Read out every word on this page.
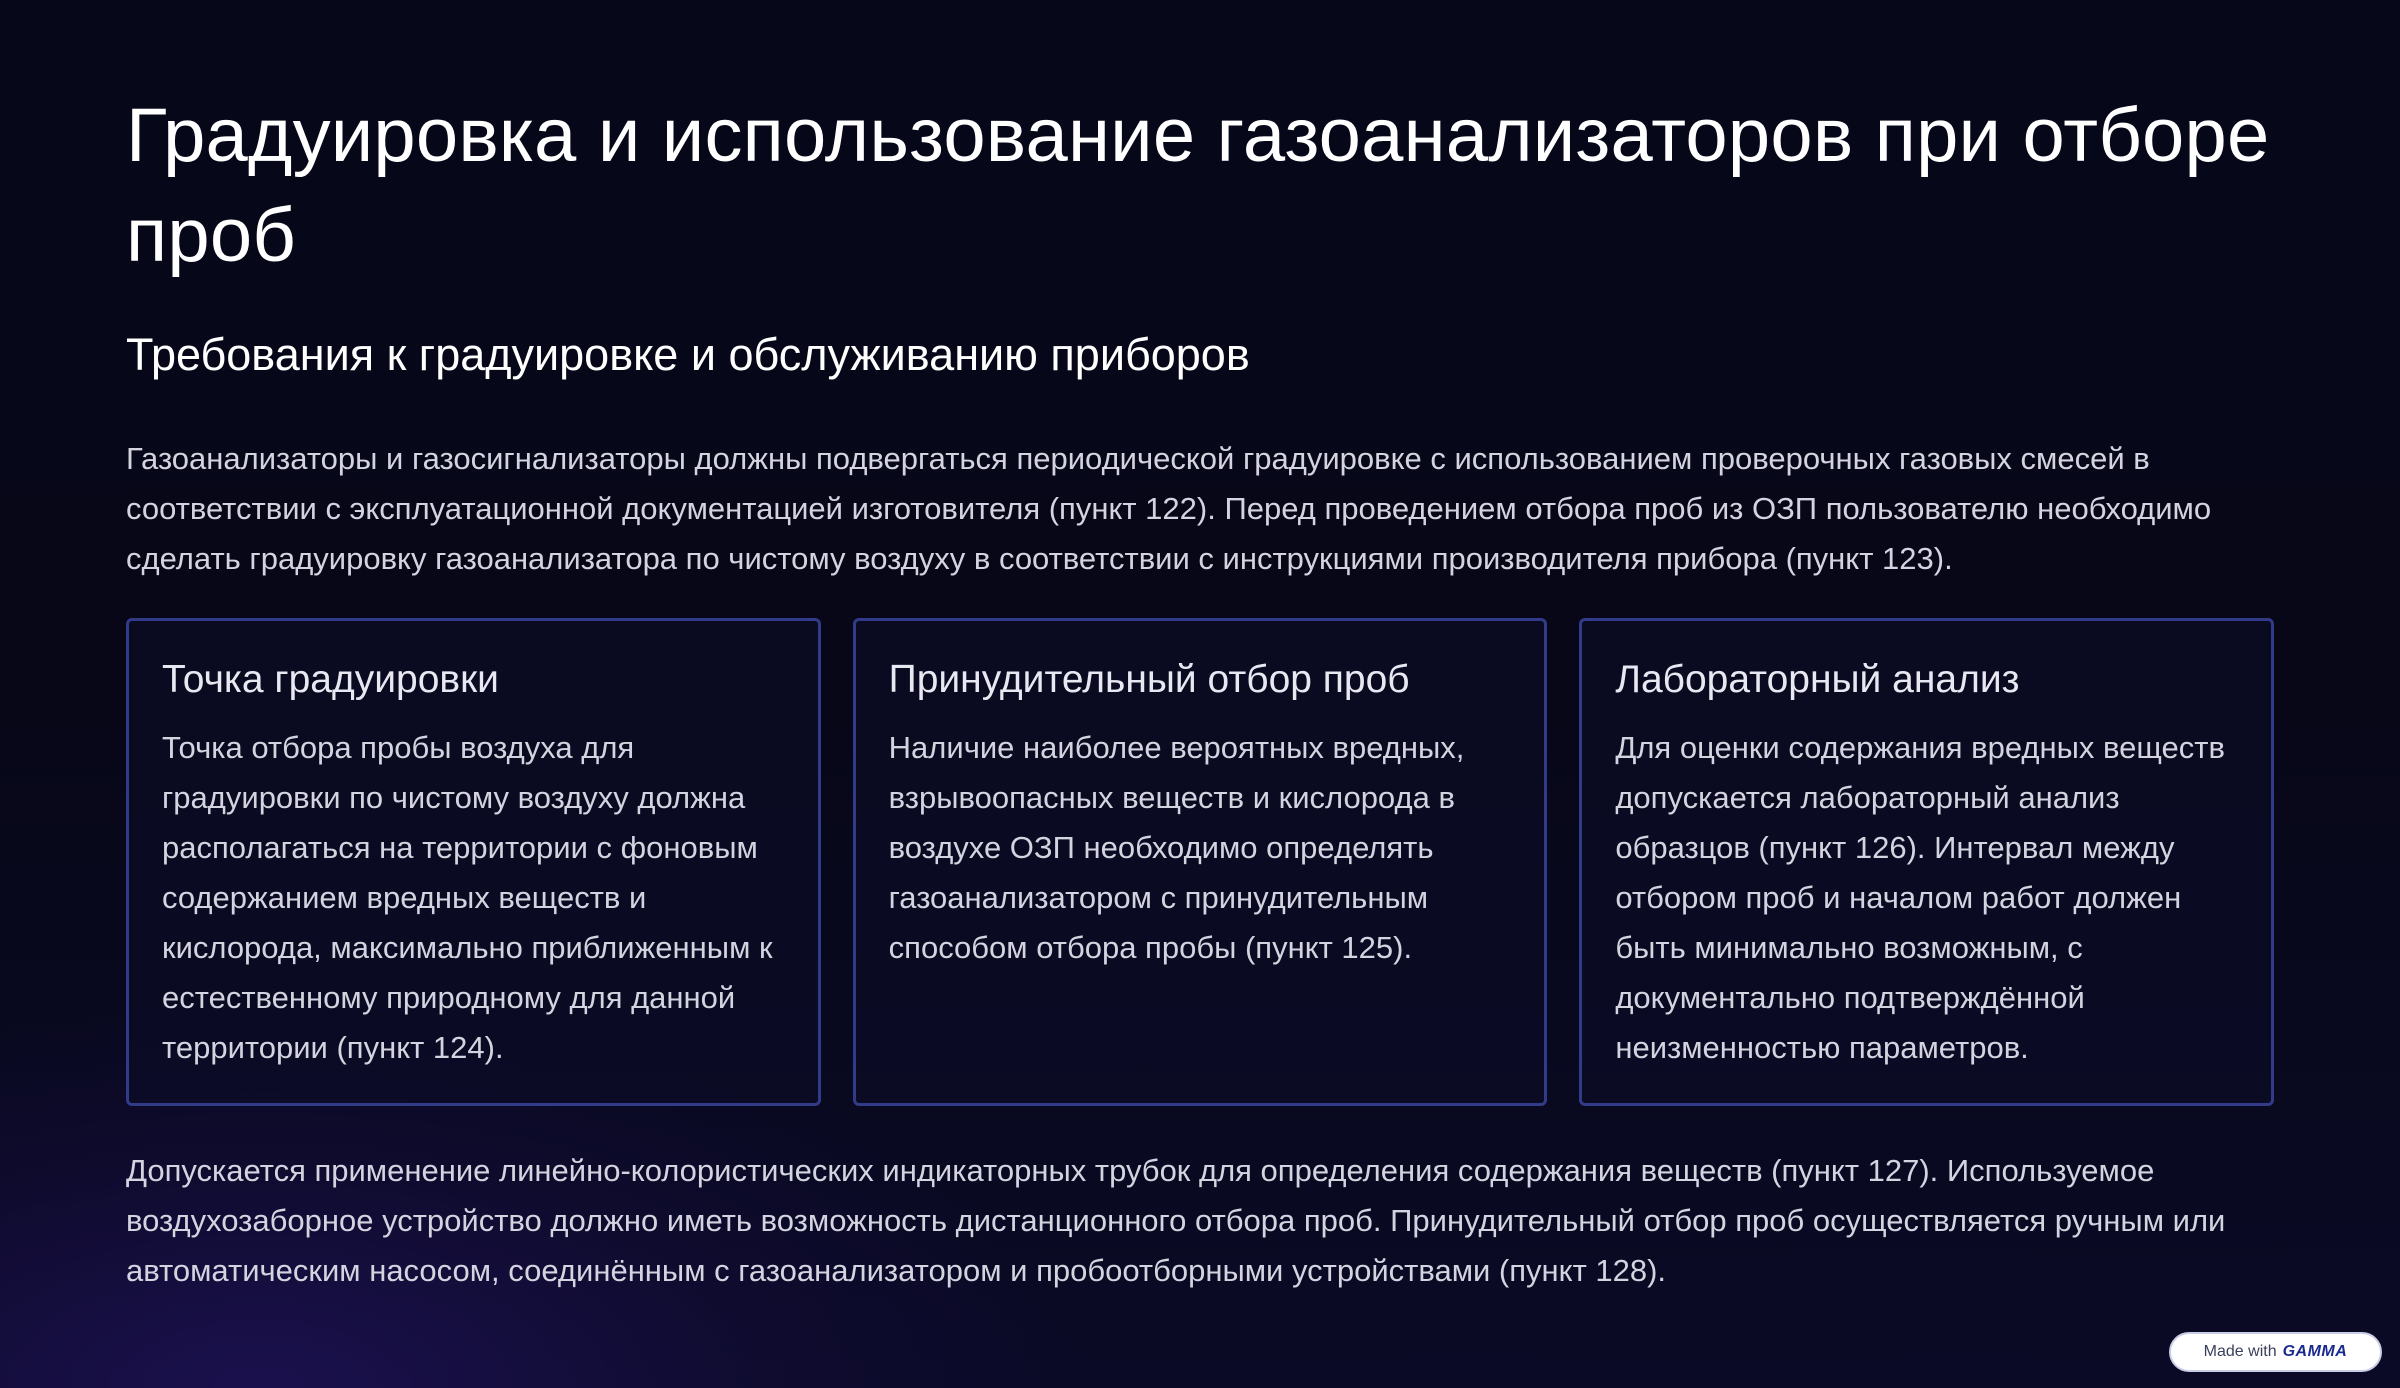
Градуировка и использование газоанализаторов при отборе проб
Требования к градуировке и обслуживанию приборов

Газоанализаторы и газосигнализаторы должны подвергаться периодической градуировке с использованием проверочных газовых смесей в соответствии с эксплуатационной документацией изготовителя (пункт 122). Перед проведением отбора проб из ОЗП пользователю необходимо сделать градуировку газоанализатора по чистому воздуху в соответствии с инструкциями производителя прибора (пункт 123).

Точка градуировки

Точка отбора пробы воздуха для градуировки по чистому воздуху должна располагаться на территории с фоновым содержанием вредных веществ и кислорода, максимально приближенным к естественному природному для данной территории (пункт 124).

Принудительный отбор проб

Наличие наиболее вероятных вредных, взрывоопасных веществ и кислорода в воздухе ОЗП необходимо определять газоанализатором с принудительным способом отбора пробы (пункт 125).

Лабораторный анализ

Для оценки содержания вредных веществ допускается лабораторный анализ образцов (пункт 126). Интервал между отбором проб и началом работ должен быть минимально возможным, с документально подтверждённой неизменностью параметров.

Допускается применение линейно-колористических индикаторных трубок для определения содержания веществ (пункт 127). Используемое воздухозаборное устройство должно иметь возможность дистанционного отбора проб. Принудительный отбор проб осуществляется ручным или автоматическим насосом, соединённым с газоанализатором и пробоотборными устройствами (пункт 128).

Made with GAMMA
